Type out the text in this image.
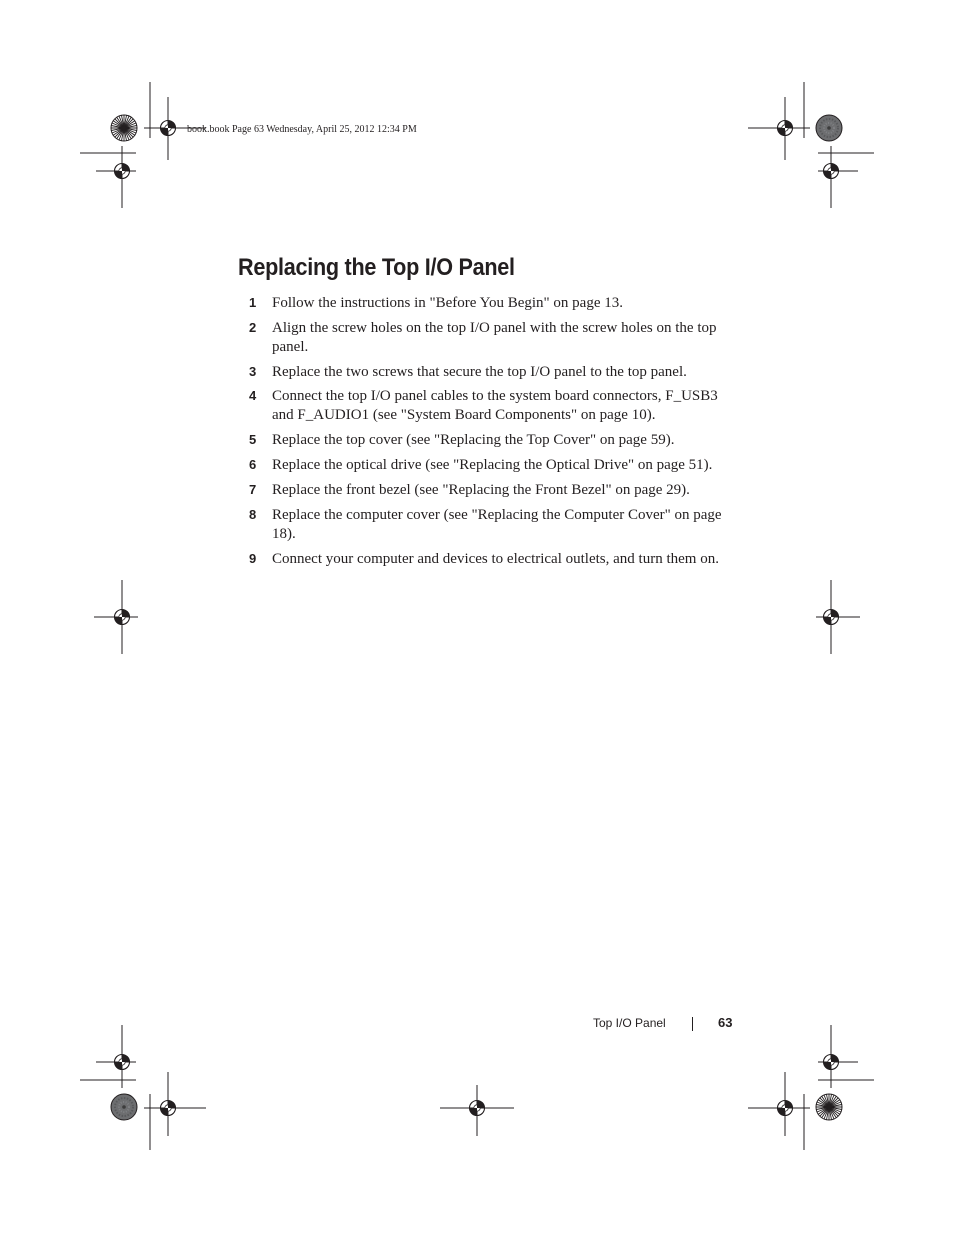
book.book Page 63 Wednesday, April 25, 2012 12:34 PM
Replacing the Top I/O Panel
1 Follow the instructions in "Before You Begin" on page 13.
2 Align the screw holes on the top I/O panel with the screw holes on the top panel.
3 Replace the two screws that secure the top I/O panel to the top panel.
4 Connect the top I/O panel cables to the system board connectors, F_USB3 and F_AUDIO1 (see "System Board Components" on page 10).
5 Replace the top cover (see "Replacing the Top Cover" on page 59).
6 Replace the optical drive (see "Replacing the Optical Drive" on page 51).
7 Replace the front bezel (see "Replacing the Front Bezel" on page 29).
8 Replace the computer cover (see "Replacing the Computer Cover" on page 18).
9 Connect your computer and devices to electrical outlets, and turn them on.
Top I/O Panel	63
